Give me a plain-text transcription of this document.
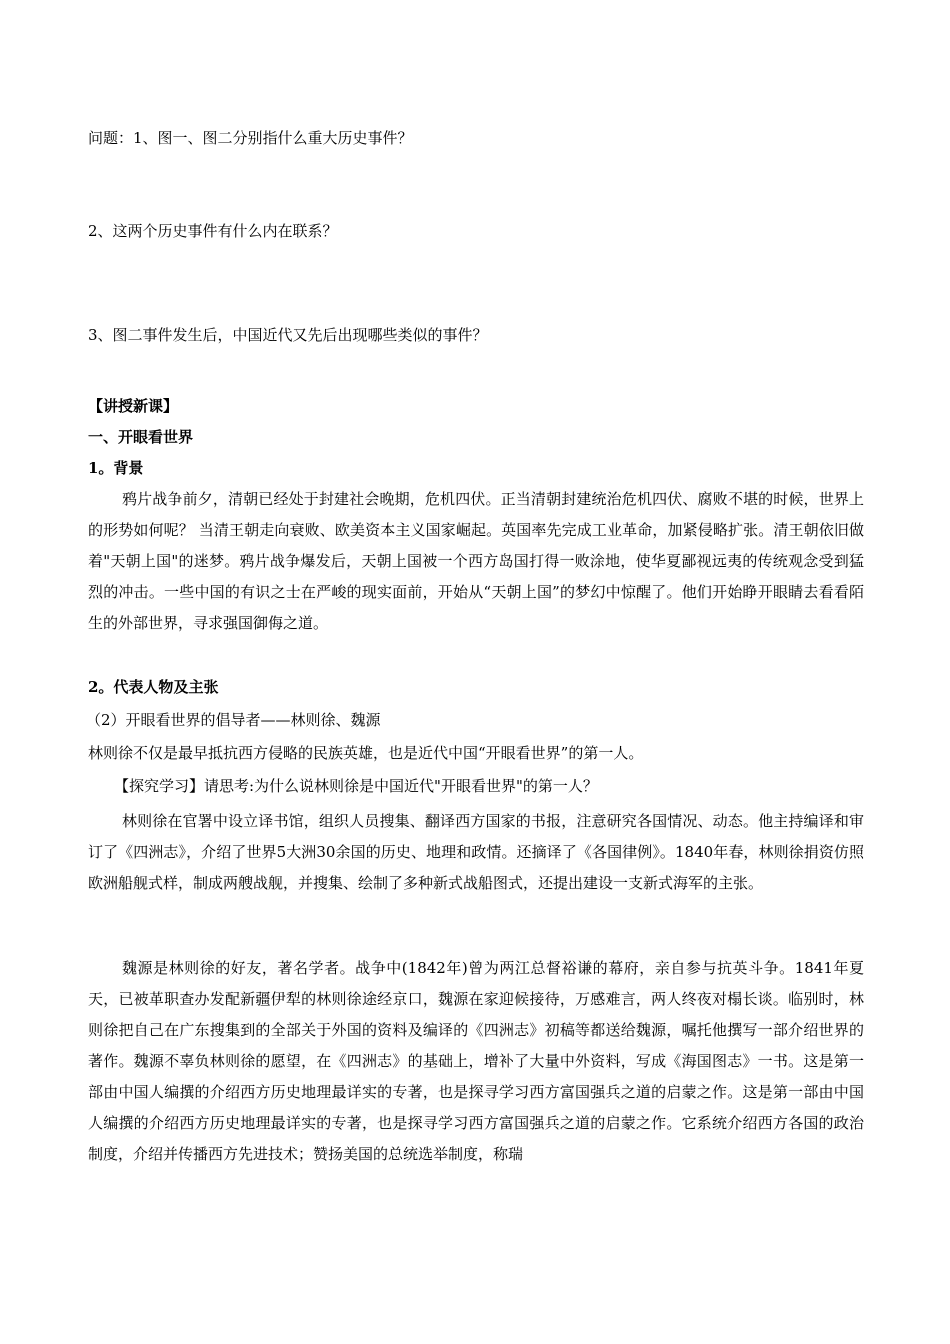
问题：1、图一、图二分别指什么重大历史事件？
2、这两个历史事件有什么内在联系？
3、图二事件发生后，中国近代又先后出现哪些类似的事件？
【讲授新课】
一、开眼看世界
1。背景

鸦片战争前夕，清朝已经处于封建社会晚期，危机四伏。正当清朝封建统治危机四伏、腐败不堪的时候，世界上的形势如何呢？ 当清王朝走向衰败、欧美资本主义国家崛起。英国率先完成工业革命，加紧侵略扩张。清王朝依旧做着"天朝上国"的迷梦。鸦片战争爆发后，天朝上国被一个西方岛国打得一败涂地，使华夏鄙视远夷的传统观念受到猛烈的冲击。一些中国的有识之士在严峻的现实面前，开始从“天朝上国”的梦幻中惊醒了。他们开始睁开眼睛去看看陌生的外部世界，寻求强国御侮之道。

2。代表人物及主张
（2）开眼看世界的倡导者——林则徐、魏源
林则徐不仅是最早抵抗西方侵略的民族英雄，也是近代中国“开眼看世界”的第一人。
【探究学习】请思考:为什么说林则徐是中国近代"开眼看世界"的第一人？

林则徐在官署中设立译书馆，组织人员搜集、翻译西方国家的书报，注意研究各国情况、动态。他主持编译和审订了《四洲志》，介绍了世界5大洲30余国的历史、地理和政情。还摘译了《各国律例》。1840年春，林则徐捐资仿照欧洲船舰式样，制成两艘战舰，并搜集、绘制了多种新式战船图式，还提出建设一支新式海军的主张。

魏源是林则徐的好友，著名学者。战争中(1842年)曾为两江总督裕谦的幕府，亲自参与抗英斗争。1841年夏天，已被革职查办发配新疆伊犁的林则徐途经京口，魏源在家迎候接待，万感难言，两人终夜对榻长谈。临别时，林则徐把自己在广东搜集到的全部关于外国的资料及编译的《四洲志》初稿等都送给魏源，嘱托他撰写一部介绍世界的著作。魏源不辜负林则徐的愿望，在《四洲志》的基础上，增补了大量中外资料，写成《海国图志》一书。这是第一部由中国人编撰的介绍西方历史地理最详实的专著，也是探寻学习西方富国强兵之道的启蒙之作。这是第一部由中国人编撰的介绍西方历史地理最详实的专著，也是探寻学习西方富国强兵之道的启蒙之作。它系统介绍西方各国的政治制度，介绍并传播西方先进技术；赞扬美国的总统选举制度，称瑞
